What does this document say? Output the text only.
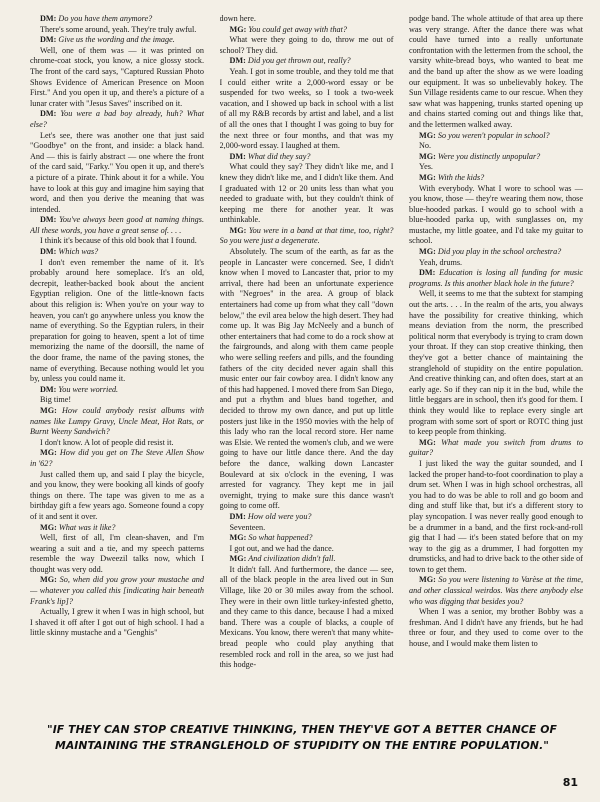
DM: Do you have them anymore?

There's some around, yeah. They're truly awful.

DM: Give us the wording and the image.

Well, one of them was — it was printed on chrome-coat stock, you know, a nice glossy stock. The front of the card says, "Captured Russian Photo Shows Evidence of American Presence on Moon First." And you open it up, and there's a picture of a lunar crater with "Jesus Saves" inscribed on it.

DM: You were a bad boy already, huh? What else?

Let's see, there was another one that just said "Goodbye" on the front, and inside: a black hand. And — this is fairly abstract — one where the front of the card said, "Farky." You open it up, and there's a picture of a pirate. Think about it for a while. You have to look at this guy and imagine him saying that word, and then you derive the meaning that was intended.

DM: You've always been good at naming things. All these words, you have a great sense of. . . .

I think it's because of this old book that I found.

DM: Which was?

I don't even remember the name of it. It's probably around here someplace. It's an old, decrepit, leather-backed book about the ancient Egyptian religion. One of the little-known facts about this religion is: When you're on your way to heaven, you can't go anywhere unless you know the name of everything. So the Egyptian rulers, in their preparation for going to heaven, spent a lot of time memorizing the name of the doorsill, the name of the door frame, the name of the paving stones, the name of everything. Because nothing would let you by, unless you could name it.

DM: You were worried.

Big time!

MG: How could anybody resist albums with names like Lumpy Gravy, Uncle Meat, Hot Rats, or Burnt Weeny Sandwich?

I don't know. A lot of people did resist it.

MG: How did you get on The Steve Allen Show in '62?

Just called them up, and said I play the bicycle, and you know, they were booking all kinds of goofy things on there. The tape was given to me as a birthday gift a few years ago. Someone found a copy of it and sent it over.

MG: What was it like?

Well, first of all, I'm clean-shaven, and I'm wearing a suit and a tie, and my speech patterns resemble the way Dweezil talks now, which I thought was very odd.

MG: So, when did you grow your mustache and — whatever you called this [indicating hair beneath Frank's lip]?

Actually, I grew it when I was in high school, but I shaved it off after I got out of high school. I had a little skinny mustache and a "Genghis"

down here.

MG: You could get away with that?

What were they going to do, throw me out of school? They did.

DM: Did you get thrown out, really?

Yeah. I got in some trouble, and they told me that I could either write a 2,000-word essay or be suspended for two weeks, so I took a two-week vacation, and I showed up back in school with a list of all my R&B records by artist and label, and a list of all the ones that I thought I was going to buy for the next three or four months, and that was my 2,000-word essay. I laughed at them.

DM: What did they say?

What could they say? They didn't like me, and I knew they didn't like me, and I didn't like them. And I graduated with 12 or 20 units less than what you needed to graduate with, but they couldn't think of keeping me there for another year. It was unthinkable.

MG: You were in a band at that time, too, right? So you were just a degenerate.

Absolutely. The scum of the earth, as far as the people in Lancaster were concerned. See, I didn't know when I moved to Lancaster that, prior to my arrival, there had been an unfortunate experience with "Negroes" in the area. A group of black entertainers had come up from what they call "down below," the evil area below the high desert. They had come up. It was Big Jay McNeely and a bunch of other entertainers that had come to do a rock show at the fairgrounds, and along with them came people who were selling reefers and pills, and the founding fathers of the city decided never again shall this music enter our fair cowboy area. I didn't know any of this had happened. I moved there from San Diego, and put a rhythm and blues band together, and decided to throw my own dance, and put up little posters just like in the 1950 movies with the help of this lady who ran the local record store. Her name was Elsie. We rented the women's club, and we were going to have our little dance there. And the day before the dance, walking down Lancaster Boulevard at six o'clock in the evening, I was arrested for vagrancy. They kept me in jail overnight, trying to make sure this dance wasn't going to come off.

DM: How old were you?

Seventeen.

MG: So what happened?

I got out, and we had the dance.

MG: And civilization didn't fall.

It didn't fall. And furthermore, the dance — see, all of the black people in the area lived out in Sun Village, like 20 or 30 miles away from the school. They were in their own little turkey-infested ghetto, and they came to this dance, because I had a mixed band. There was a couple of blacks, a couple of Mexicans. You know, there weren't that many white-bread people who could play anything that resembled rock and roll in the area, so we just had this hodge-

podge band. The whole attitude of that area up there was very strange. After the dance there was what could have turned into a really unfortunate confrontation with the lettermen from the school, the varsity white-bread boys, who wanted to beat me and the band up after the show as we were loading our equipment. It was so unbelievably hokey. The Sun Village residents came to our rescue. When they saw what was happening, trunks started opening up and chains started coming out and things like that, and the lettermen walked away.

MG: So you weren't popular in school?

No.

MG: Were you distinctly unpopular?

Yes.

MG: With the kids?

With everybody. What I wore to school was — you know, those — they're wearing them now, those blue-hooded parkas. I would go to school with a blue-hooded parka up, with sunglasses on, my mustache, my little goatee, and I'd take my guitar to school.

MG: Did you play in the school orchestra?

Yeah, drums.

DM: Education is losing all funding for music programs. Is this another black hole in the future?

Well, it seems to me that the subtext for stamping out the arts. . . . In the realm of the arts, you always have the possibility for creative thinking, which means deviation from the norm, the prescribed political norm that everybody is trying to cram down your throat. If they can stop creative thinking, then they've got a better chance of maintaining the stranglehold of stupidity on the entire population. And creative thinking can, and often does, start at an early age. So if they can nip it in the bud, while the little beggars are in school, then it's good for them. I think they would like to replace every single art program with some sort of sport or ROTC thing just to keep people from thinking.

MG: What made you switch from drums to guitar?

I just liked the way the guitar sounded, and I lacked the proper hand-to-foot coordination to play a drum set. When I was in high school orchestras, all you had to do was be able to roll and go boom and ding and stuff like that, but it's a different story to play syncopation. I was never really good enough to be a drummer in a band, and the first rock-and-roll gig that I had — it's been stated before that on my way to the gig as a drummer, I had forgotten my drumsticks, and had to drive back to the other side of town to get them.

MG: So you were listening to Varèse at the time, and other classical weirdos. Was there anybody else who was digging that besides you?

When I was a senior, my brother Bobby was a freshman. And I didn't have any friends, but he had three or four, and they used to come over to the house, and I would make them listen to

"IF THEY CAN STOP CREATIVE THINKING, THEN THEY'VE GOT A BETTER CHANCE OF MAINTAINING THE STRANGLEHOLD OF STUPIDITY ON THE ENTIRE POPULATION."
81
